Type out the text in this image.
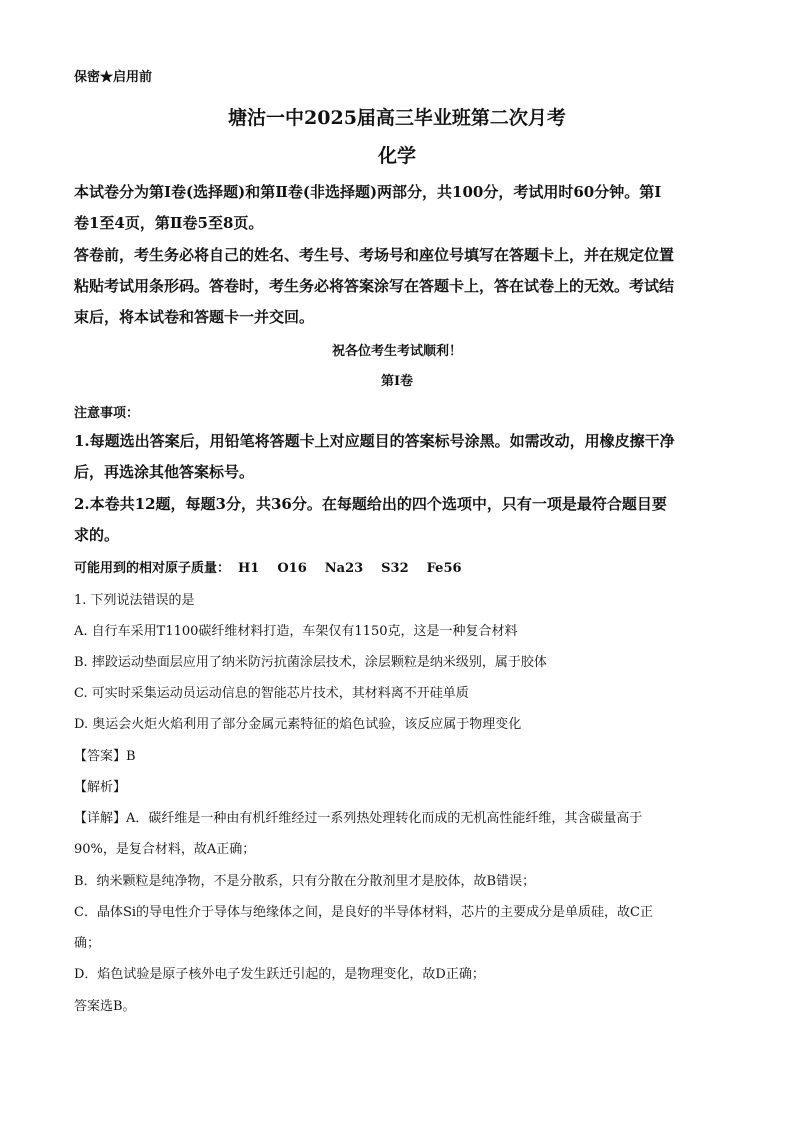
保密★启用前
塘沽一中2025届高三毕业班第二次月考
化学
本试卷分为第Ⅰ卷(选择题)和第Ⅱ卷(非选择题)两部分，共100分，考试用时60分钟。第Ⅰ
卷1至4页，第Ⅱ卷5至8页。
答卷前，考生务必将自己的姓名、考生号、考场号和座位号填写在答题卡上，并在规定位置
粘贴考试用条形码。答卷时，考生务必将答案涂写在答题卡上，答在试卷上的无效。考试结
束后，将本试卷和答题卡一并交回。
祝各位考生考试顺利！
第Ⅰ卷
注意事项：
1.每题选出答案后，用铅笔将答题卡上对应题目的答案标号涂黑。如需改动，用橡皮擦干净
后，再选涂其他答案标号。
2.本卷共12题，每题3分，共36分。在每题给出的四个选项中，只有一项是最符合题目要
求的。
可能用到的相对原子质量： H1 O16 Na23 S32 Fe56
1. 下列说法错误的是
A. 自行车采用T1100碳纤维材料打造，车架仅有1150克，这是一种复合材料
B. 摔跤运动垫面层应用了纳米防污抗菌涂层技术，涂层颗粒是纳米级别，属于胶体
C. 可实时采集运动员运动信息的智能芯片技术，其材料离不开硅单质
D. 奥运会火炬火焰利用了部分金属元素特征的焰色试验，该反应属于物理变化
【答案】B
【解析】
【详解】A．碳纤维是一种由有机纤维经过一系列热处理转化而成的无机高性能纤维，其含碳量高于
90%，是复合材料，故A正确；
B．纳米颗粒是纯净物，不是分散系，只有分散在分散剂里才是胶体，故B错误；
C．晶体Si的导电性介于导体与绝缘体之间，是良好的半导体材料，芯片的主要成分是单质硅，故C正
确；
D．焰色试验是原子核外电子发生跃迁引起的，是物理变化，故D正确；
答案选B。
